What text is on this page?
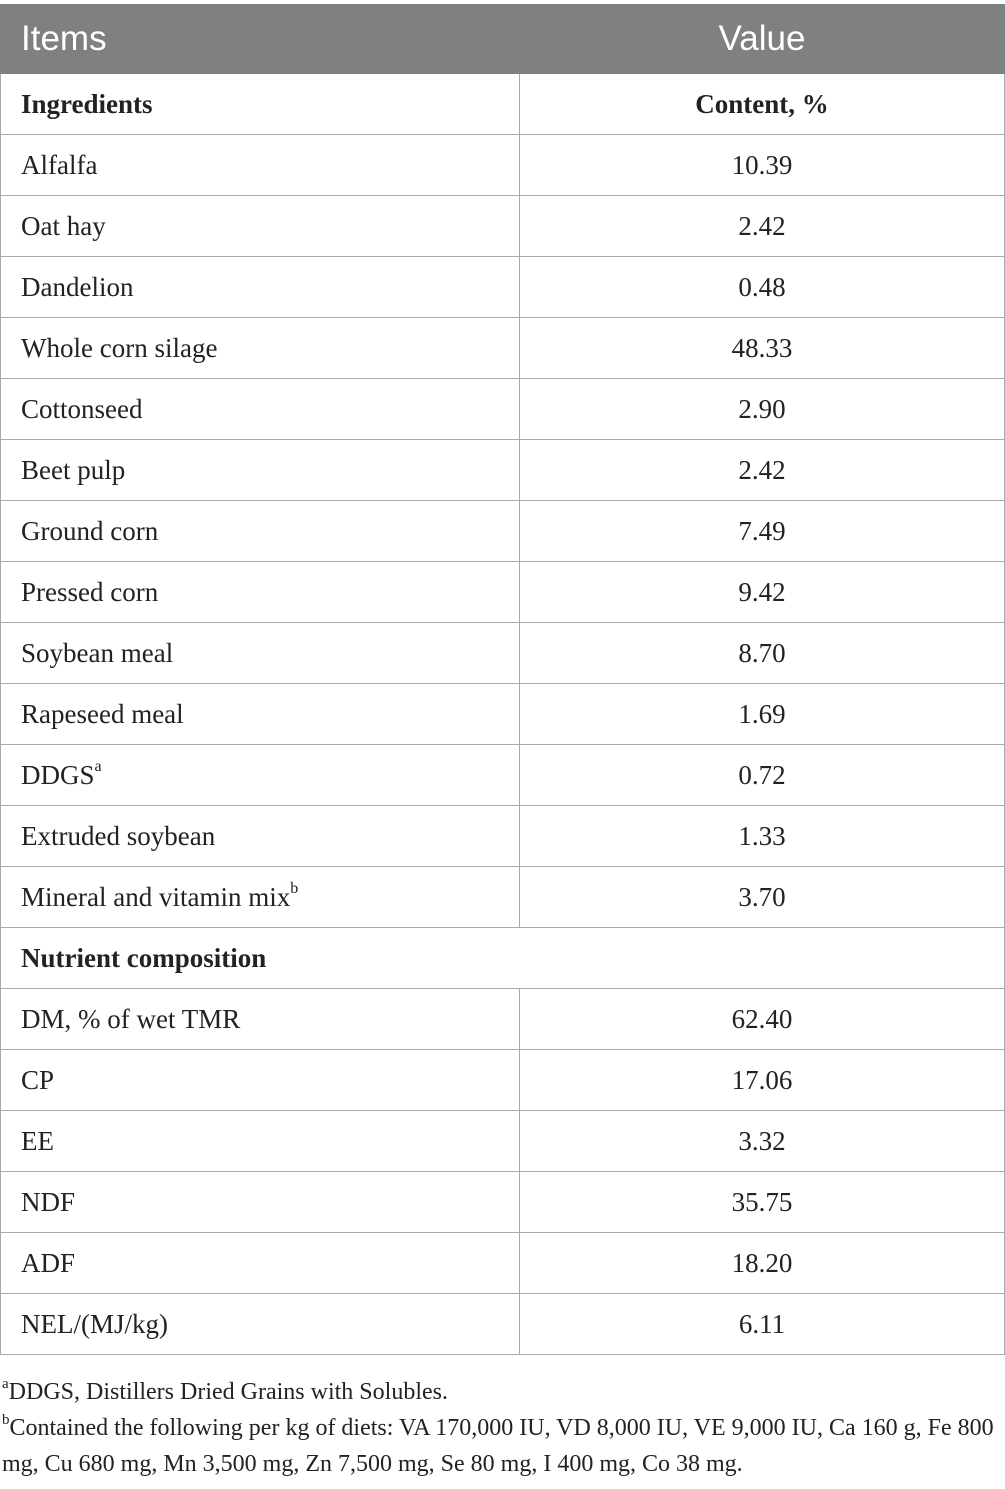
Items	Value
Ingredients	Content, %
Alfalfa	10.39
Oat hay	2.42
Dandelion	0.48
Whole corn silage	48.33
Cottonseed	2.90
Beet pulp	2.42
Ground corn	7.49
Pressed corn	9.42
Soybean meal	8.70
Rapeseed meal	1.69
DDGS$^a$	0.72
Extruded soybean	1.33
Mineral and vitamin mix$^b$	3.70
Nutrient composition	
DM, % of wet TMR	62.40
CP	17.06
EE	3.32
NDF	35.75
ADF	18.20
NEL/(MJ/kg)	6.11

$^a$DDGS, Distillers Dried Grains with Solubles.

$^b$Contained the following per kg of diets: VA 170,000 IU, VD 8,000 IU, VE 9,000 IU, Ca 160 g, Fe 800 mg, Cu 680 mg, Mn 3,500 mg, Zn 7,500 mg, Se 80 mg, I 400 mg, Co 38 mg.
